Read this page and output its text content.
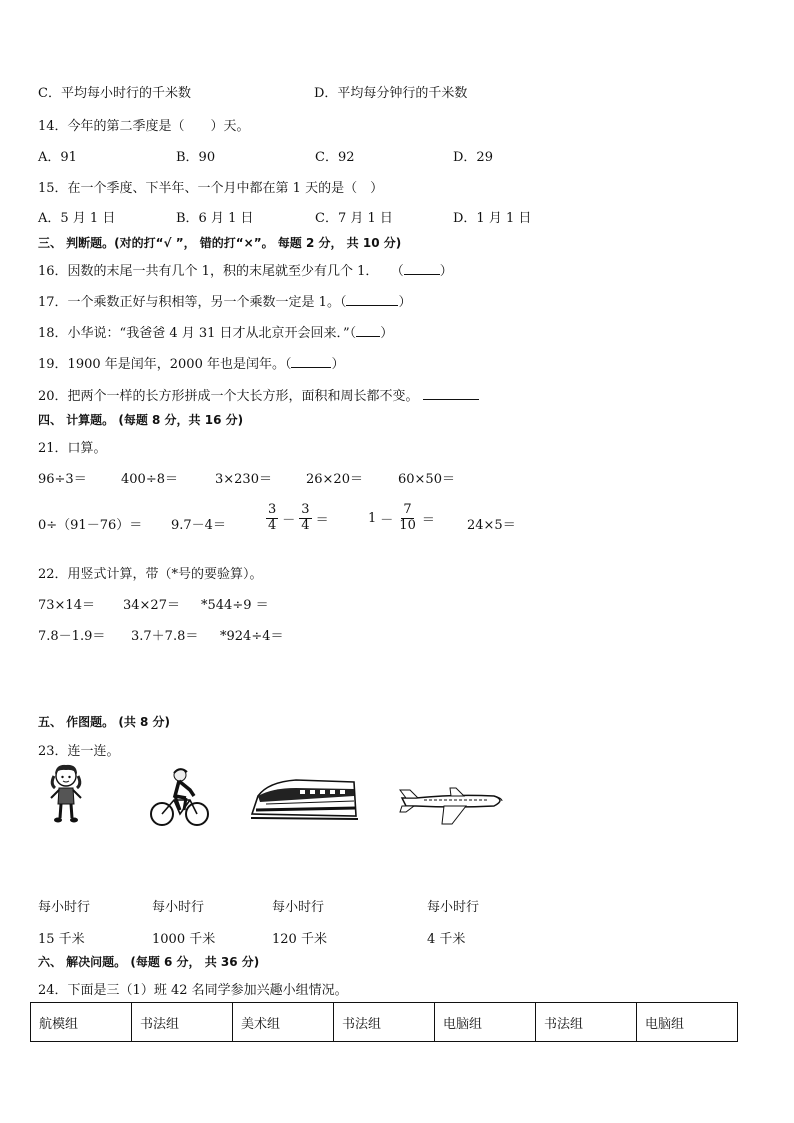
C．平均每小时行的千米数	D．平均每分钟行的千米数
14．今年的第二季度是（　　）天。
A．91	B．90	C．92	D．29
15．在一个季度、下半年、一个月中都在第 1 天的是（　）
A．5 月 1 日	B．6 月 1 日	C．7 月 1 日	D．1 月 1 日
三、 判断题。(对的打“√ ”， 错的打“×”。 每题 2 分， 共 10 分)
16．因数的末尾一共有几个 1，积的末尾就至少有几个 1． （	）
17．一个乘数正好与积相等，另一个乘数一定是 1。（	）
18．小华说：“我爸爸 4 月 31 日才从北京开会回来．”（ ）
19．1900 年是闰年，2000 年也是闰年。（	）
20．把两个一样的长方形拼成一个大长方形，面积和周长都不变。
四、 计算题。 (每题 8 分，共 16 分)
21．口算。
96÷3＝	400÷8＝	3×230＝	26×20＝	60×50＝
0÷（91－76）＝ 9.7－4＝	$\frac{3}{4} - \frac{3}{4}$ ＝	$1 - \frac{7}{10} = 24\times 5=$
22．用竖式计算，带（*号的要验算）。
73×14＝ 34×27＝ *544÷9 ＝
7.8－1.9＝ 3.7＋7.8＝ *924÷4＝
五、 作图题。 (共 8 分)
23．连一连。
每小时行	每小时行	每小时行	每小时行
15 千米	1000 千米	120 千米	4 千米
六、 解决问题。 (每题 6 分， 共 36 分)
24．下面是三（1）班 42 名同学参加兴趣小组情况。
航模组	书法组	美术组	书法组	电脑组	书法组	电脑组
